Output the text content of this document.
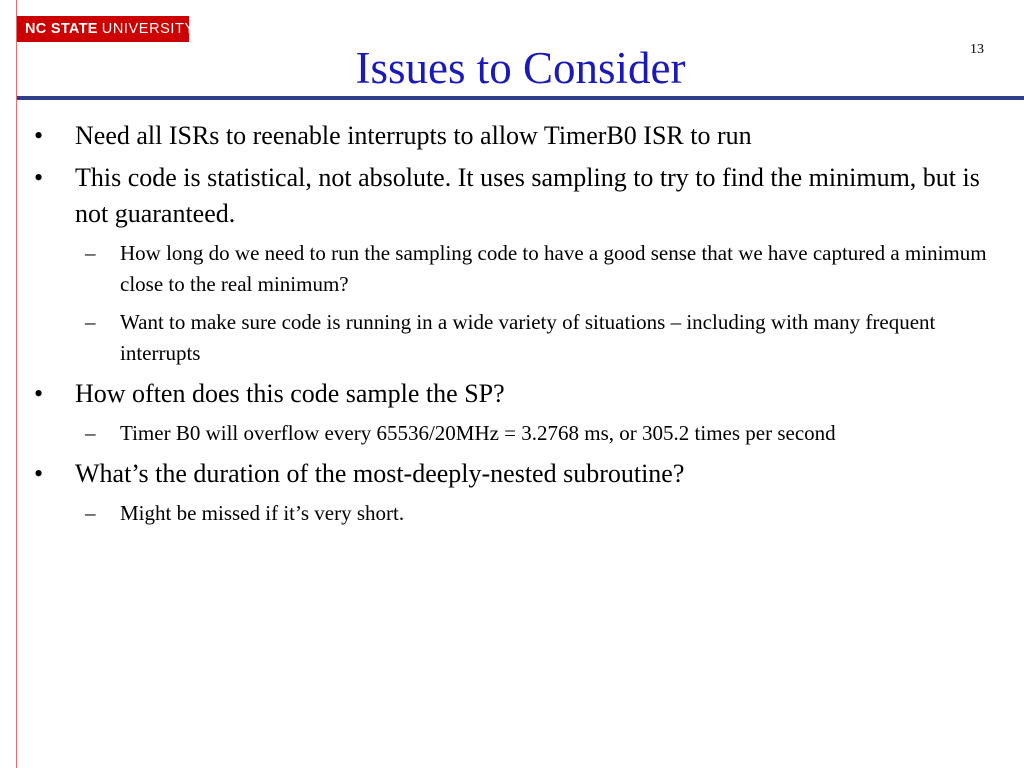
NC STATE UNIVERSITY
Issues to Consider	13
• Need all ISRs to reenable interrupts to allow TimerB0 ISR to run
• This code is statistical, not absolute. It uses sampling to try to find the minimum, but is not guaranteed.
– How long do we need to run the sampling code to have a good sense that we have captured a minimum close to the real minimum?
– Want to make sure code is running in a wide variety of situations – including with many frequent interrupts
• How often does this code sample the SP?
– Timer B0 will overflow every 65536/20MHz = 3.2768 ms, or 305.2 times per second
• What’s the duration of the most-deeply-nested subroutine?
– Might be missed if it’s very short.
